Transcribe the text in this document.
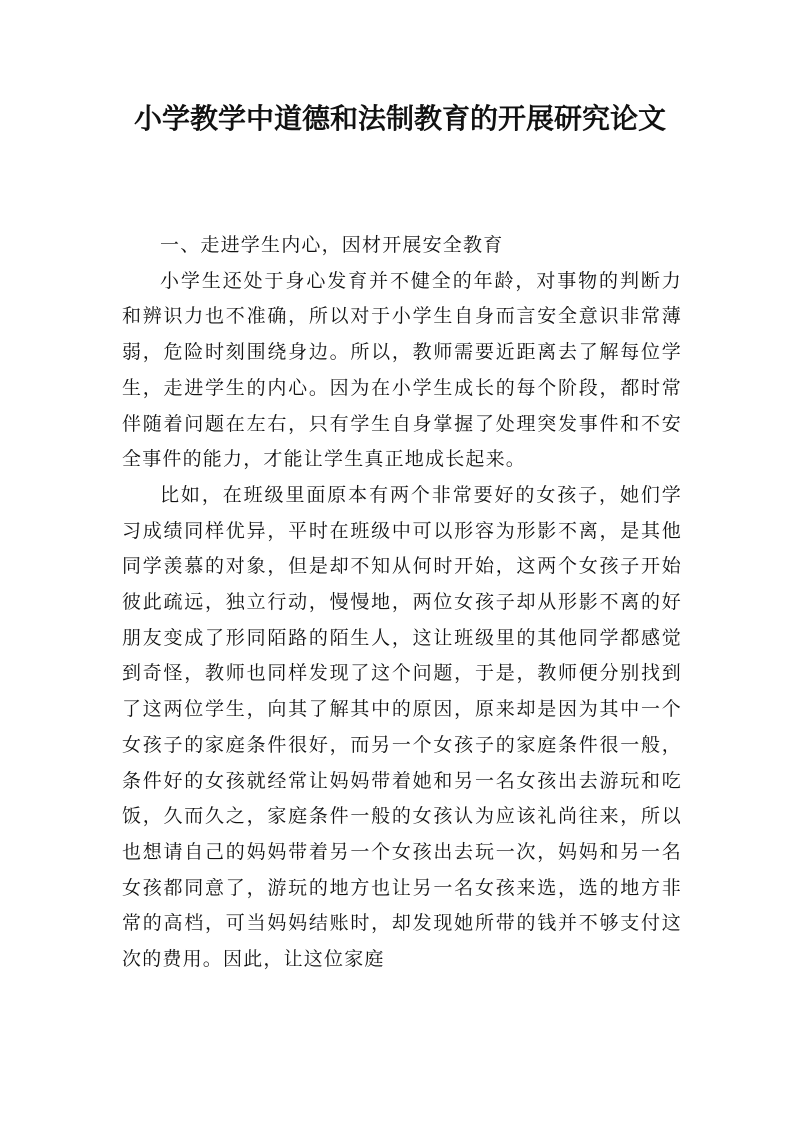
小学教学中道德和法制教育的开展研究论文

一、走进学生内心，因材开展安全教育

小学生还处于身心发育并不健全的年龄，对事物的判断力和辨识力也不准确，所以对于小学生自身而言安全意识非常薄弱，危险时刻围绕身边。所以，教师需要近距离去了解每位学生，走进学生的内心。因为在小学生成长的每个阶段，都时常伴随着问题在左右，只有学生自身掌握了处理突发事件和不安全事件的能力，才能让学生真正地成长起来。

比如，在班级里面原本有两个非常要好的女孩子，她们学习成绩同样优异，平时在班级中可以形容为形影不离，是其他同学羡慕的对象，但是却不知从何时开始，这两个女孩子开始彼此疏远，独立行动，慢慢地，两位女孩子却从形影不离的好朋友变成了形同陌路的陌生人，这让班级里的其他同学都感觉到奇怪，教师也同样发现了这个问题，于是，教师便分别找到了这两位学生，向其了解其中的原因，原来却是因为其中一个女孩子的家庭条件很好，而另一个女孩子的家庭条件很一般，条件好的女孩就经常让妈妈带着她和另一名女孩出去游玩和吃饭，久而久之，家庭条件一般的女孩认为应该礼尚往来，所以也想请自己的妈妈带着另一个女孩出去玩一次，妈妈和另一名女孩都同意了，游玩的地方也让另一名女孩来选，选的地方非常的高档，可当妈妈结账时，却发现她所带的钱并不够支付这次的费用。因此，让这位家庭
